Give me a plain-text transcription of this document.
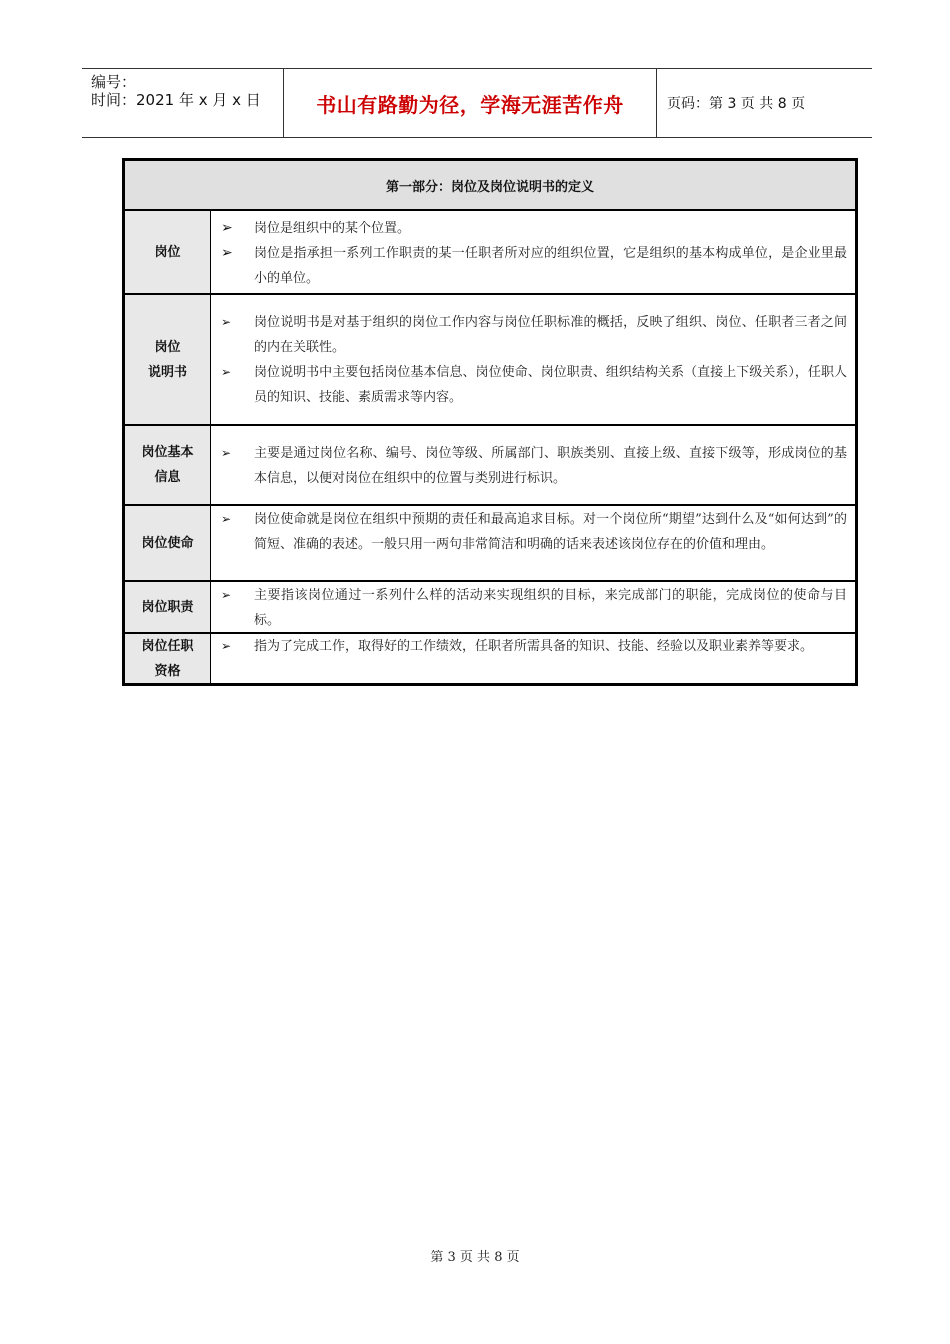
编号：
时间：2021 年 x 月 x 日	书山有路勤为径，学海无涯苦作舟	页码：第 3 页 共 8 页
第一部分：岗位及岗位说明书的定义
岗位
➢ 岗位是组织中的某个位置。
➢ 岗位是指承担一系列工作职责的某一任职者所对应的组织位置，它是组织的基本构成单位，是企业里最小的单位。
岗位
说明书
➢ 岗位说明书是对基于组织的岗位工作内容与岗位任职标准的概括，反映了组织、岗位、任职者三者之间的内在关联性。
➢ 岗位说明书中主要包括岗位基本信息、岗位使命、岗位职责、组织结构关系（直接上下级关系），任职人员的知识、技能、素质需求等内容。
岗位基本
信息
➢ 主要是通过岗位名称、编号、岗位等级、所属部门、职族类别、直接上级、直接下级等，形成岗位的基本信息，以便对岗位在组织中的位置与类别进行标识。
岗位使命
➢ 岗位使命就是岗位在组织中预期的责任和最高追求目标。对一个岗位所“期望”达到什么及“如何达到”的简短、准确的表述。一般只用一两句非常简洁和明确的话来表述该岗位存在的价值和理由。
岗位职责
➢ 主要指该岗位通过一系列什么样的活动来实现组织的目标，来完成部门的职能，完成岗位的使命与目标。
岗位任职
资格
➢ 指为了完成工作，取得好的工作绩效，任职者所需具备的知识、技能、经验以及职业素养等要求。
第 3 页 共 8 页
